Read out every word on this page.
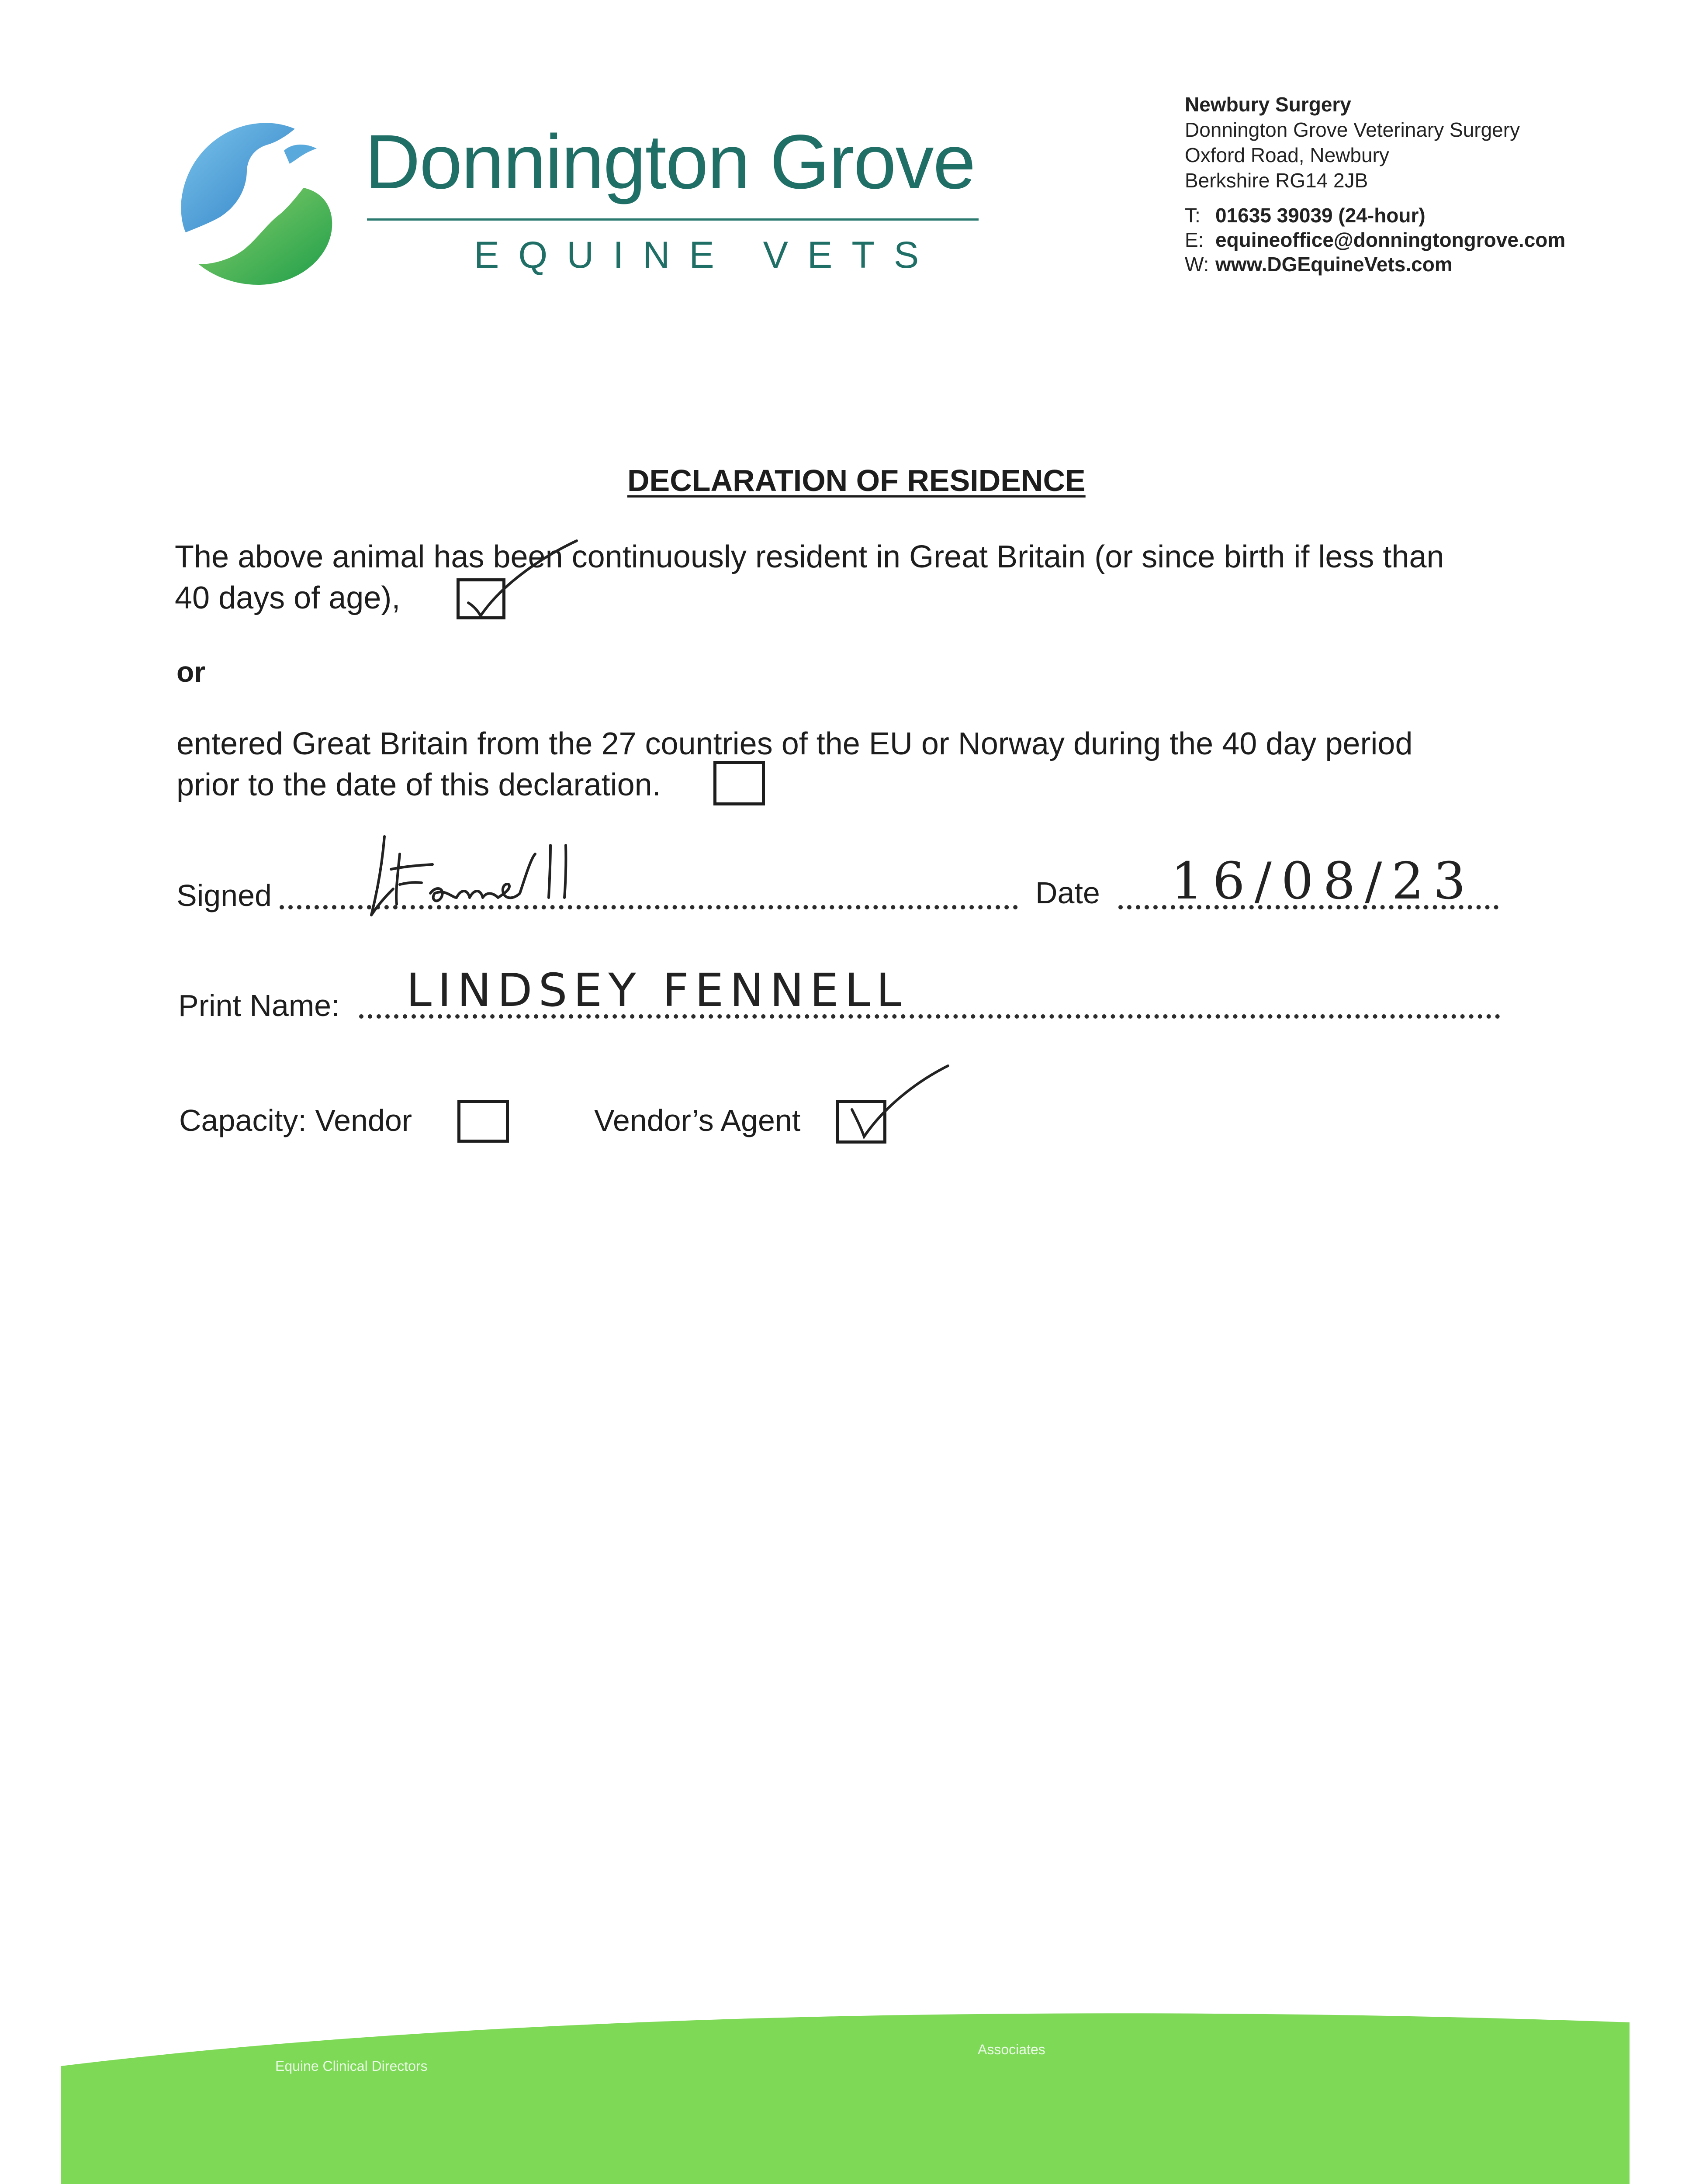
Donnington Grove
EQUINE VETS
Newbury Surgery
Donnington Grove Veterinary Surgery
Oxford Road, Newbury
Berkshire RG14 2JB
T: 01635 39039 (24-hour)
E: equineoffice@donningtongrove.com
W: www.DGEquineVets.com
DECLARATION OF RESIDENCE
The above animal has been continuously resident in Great Britain (or since birth if less than
40 days of age),
or
entered Great Britain from the 27 countries of the EU or Norway during the 40 day period
prior to the date of this declaration.
Signed	Date 16/08/23
Print Name: LINDSEY FENNELL
Capacity: Vendor	Vendor’s Agent
Equine Clinical Directors
Associates
